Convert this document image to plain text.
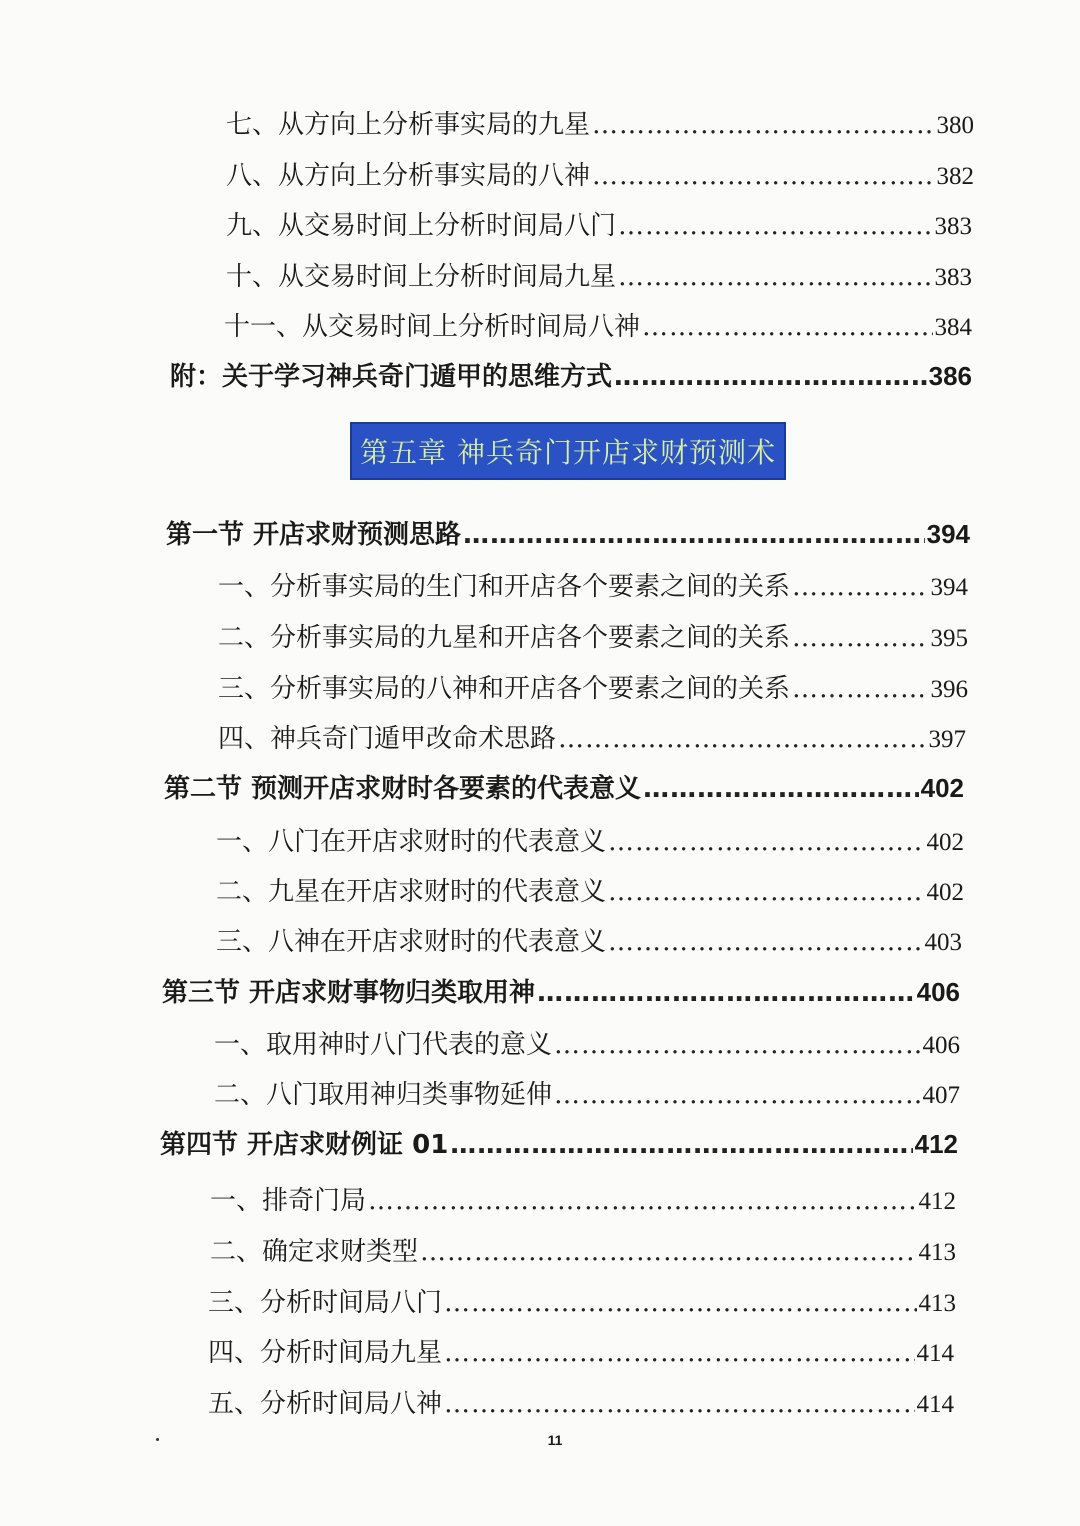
七、从方向上分析事实局的九星 ………………………………………………………………………………………………………………………………………………	380
八、从方向上分析事实局的八神 ………………………………………………………………………………………………………………………………………………	382
九、从交易时间上分析时间局八门 ………………………………………………………………………………………………………………………………………………	383
十、从交易时间上分析时间局九星 ………………………………………………………………………………………………………………………………………………	383
十一、从交易时间上分析时间局八神 ………………………………………………………………………………………………………………………………………………	384
附：关于学习神兵奇门遁甲的思维方式 ………………………………………………………………………………………………………………………………………………	386
第五章 神兵奇门开店求财预测术
第一节 开店求财预测思路 ………………………………………………………………………………………………………………………………………………	394
一、分析事实局的生门和开店各个要素之间的关系 ………………………………………………………………………………………………………………………………………………	394
二、分析事实局的九星和开店各个要素之间的关系 ………………………………………………………………………………………………………………………………………………	395
三、分析事实局的八神和开店各个要素之间的关系 ………………………………………………………………………………………………………………………………………………	396
四、神兵奇门遁甲改命术思路 ………………………………………………………………………………………………………………………………………………	397
第二节 预测开店求财时各要素的代表意义 ………………………………………………………………………………………………………………………………………………	402
一、八门在开店求财时的代表意义 ………………………………………………………………………………………………………………………………………………	402
二、九星在开店求财时的代表意义 ………………………………………………………………………………………………………………………………………………	402
三、八神在开店求财时的代表意义 ………………………………………………………………………………………………………………………………………………	403
第三节 开店求财事物归类取用神 ………………………………………………………………………………………………………………………………………………	406
一、取用神时八门代表的意义 ………………………………………………………………………………………………………………………………………………	406
二、八门取用神归类事物延伸 ………………………………………………………………………………………………………………………………………………	407
第四节 开店求财例证 01 ………………………………………………………………………………………………………………………………………………	412
一、排奇门局 ………………………………………………………………………………………………………………………………………………	412
二、确定求财类型 ………………………………………………………………………………………………………………………………………………	413
三、分析时间局八门 ………………………………………………………………………………………………………………………………………………	413
四、分析时间局九星 ………………………………………………………………………………………………………………………………………………	414
五、分析时间局八神 ………………………………………………………………………………………………………………………………………………	414
11
